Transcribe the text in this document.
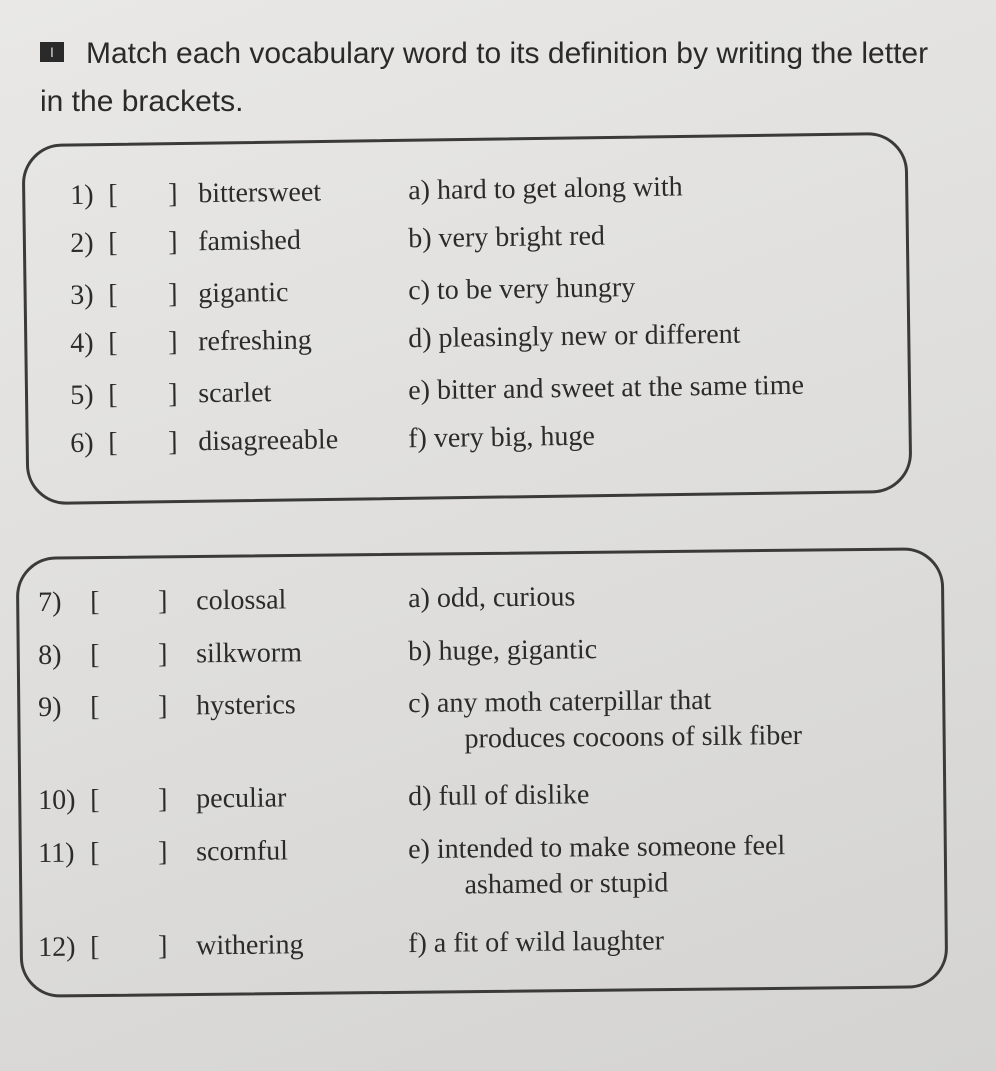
I Match each vocabulary word to its definition by writing the letter in the brackets.
1) [ ] bittersweet	a) hard to get along with
2) [ ] famished	b) very bright red
3) [ ] gigantic	c) to be very hungry
4) [ ] refreshing	d) pleasingly new or different
5) [ ] scarlet	e) bitter and sweet at the same time
6) [ ] disagreeable f) very big, huge
7) [ ] colossal	a) odd, curious
8) [ ] silkworm	b) huge, gigantic
9) [ ] hysterics	c) any moth caterpillar that
produces cocoons of silk fiber
10) [ ] peculiar	d) full of dislike
11) [ ] scornful	e) intended to make someone feel
ashamed or stupid
12) [ ] withering	f) a fit of wild laughter
